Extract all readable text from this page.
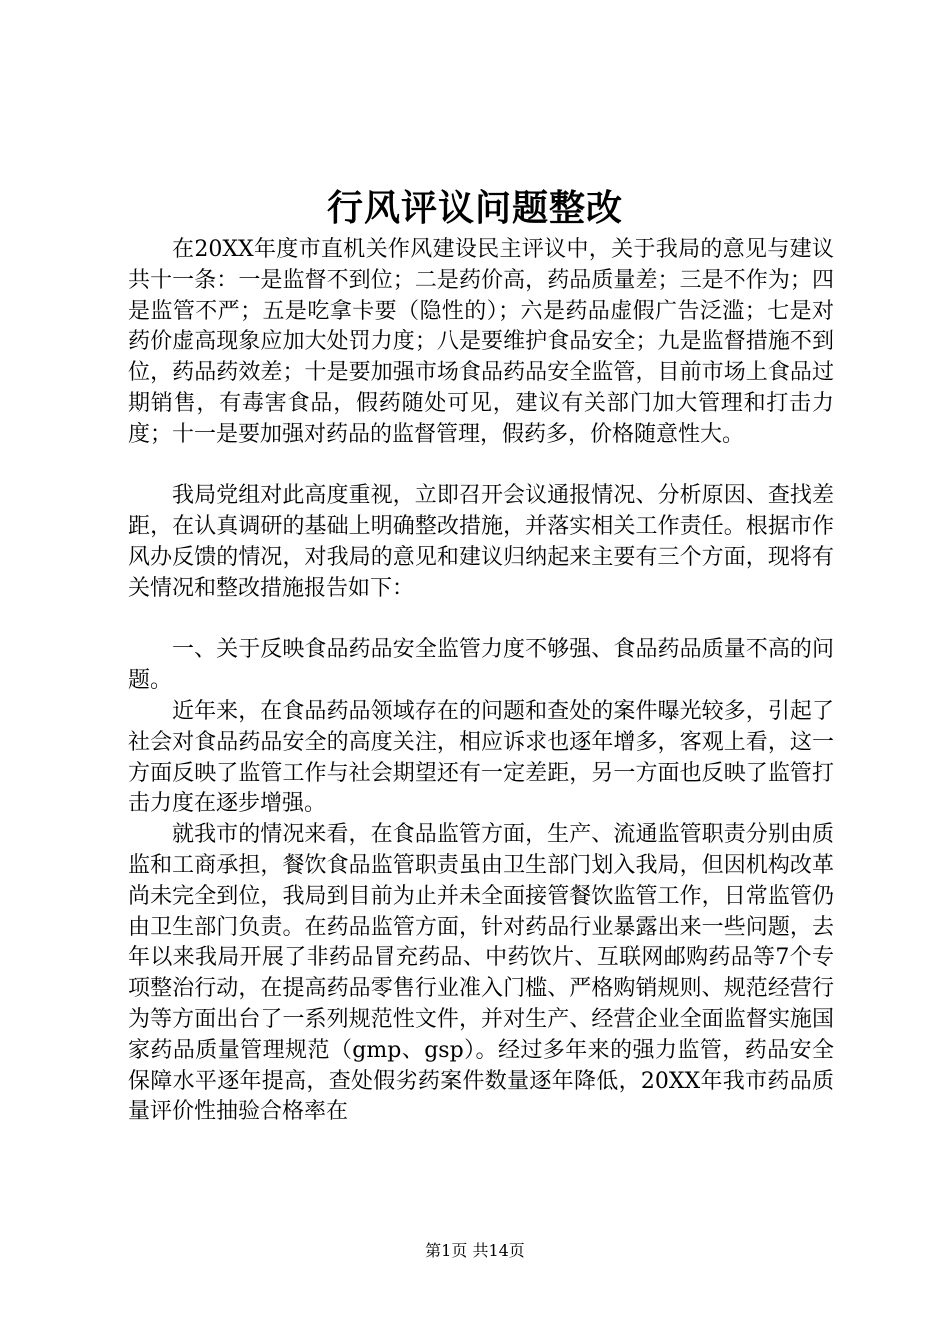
行风评议问题整改

在20XX年度市直机关作风建设民主评议中，关于我局的意见与建议共十一条：一是监督不到位；二是药价高，药品质量差；三是不作为；四是监管不严；五是吃拿卡要（隐性的）；六是药品虚假广告泛滥；七是对药价虚高现象应加大处罚力度；八是要维护食品安全；九是监督措施不到位，药品药效差；十是要加强市场食品药品安全监管，目前市场上食品过期销售，有毒害食品，假药随处可见，建议有关部门加大管理和打击力度；十一是要加强对药品的监督管理，假药多，价格随意性大。

我局党组对此高度重视，立即召开会议通报情况、分析原因、查找差距，在认真调研的基础上明确整改措施，并落实相关工作责任。根据市作风办反馈的情况，对我局的意见和建议归纳起来主要有三个方面，现将有关情况和整改措施报告如下：

一、关于反映食品药品安全监管力度不够强、食品药品质量不高的问题。

近年来，在食品药品领域存在的问题和查处的案件曝光较多，引起了社会对食品药品安全的高度关注，相应诉求也逐年增多，客观上看，这一方面反映了监管工作与社会期望还有一定差距，另一方面也反映了监管打击力度在逐步增强。

就我市的情况来看，在食品监管方面，生产、流通监管职责分别由质监和工商承担，餐饮食品监管职责虽由卫生部门划入我局，但因机构改革尚未完全到位，我局到目前为止并未全面接管餐饮监管工作，日常监管仍由卫生部门负责。在药品监管方面，针对药品行业暴露出来一些问题，去年以来我局开展了非药品冒充药品、中药饮片、互联网邮购药品等7个专项整治行动，在提高药品零售行业准入门槛、严格购销规则、规范经营行为等方面出台了一系列规范性文件，并对生产、经营企业全面监督实施国家药品质量管理规范（gmp、gsp）。经过多年来的强力监管，药品安全保障水平逐年提高，查处假劣药案件数量逐年降低，20XX年我市药品质量评价性抽验合格率在

第1页 共14页
